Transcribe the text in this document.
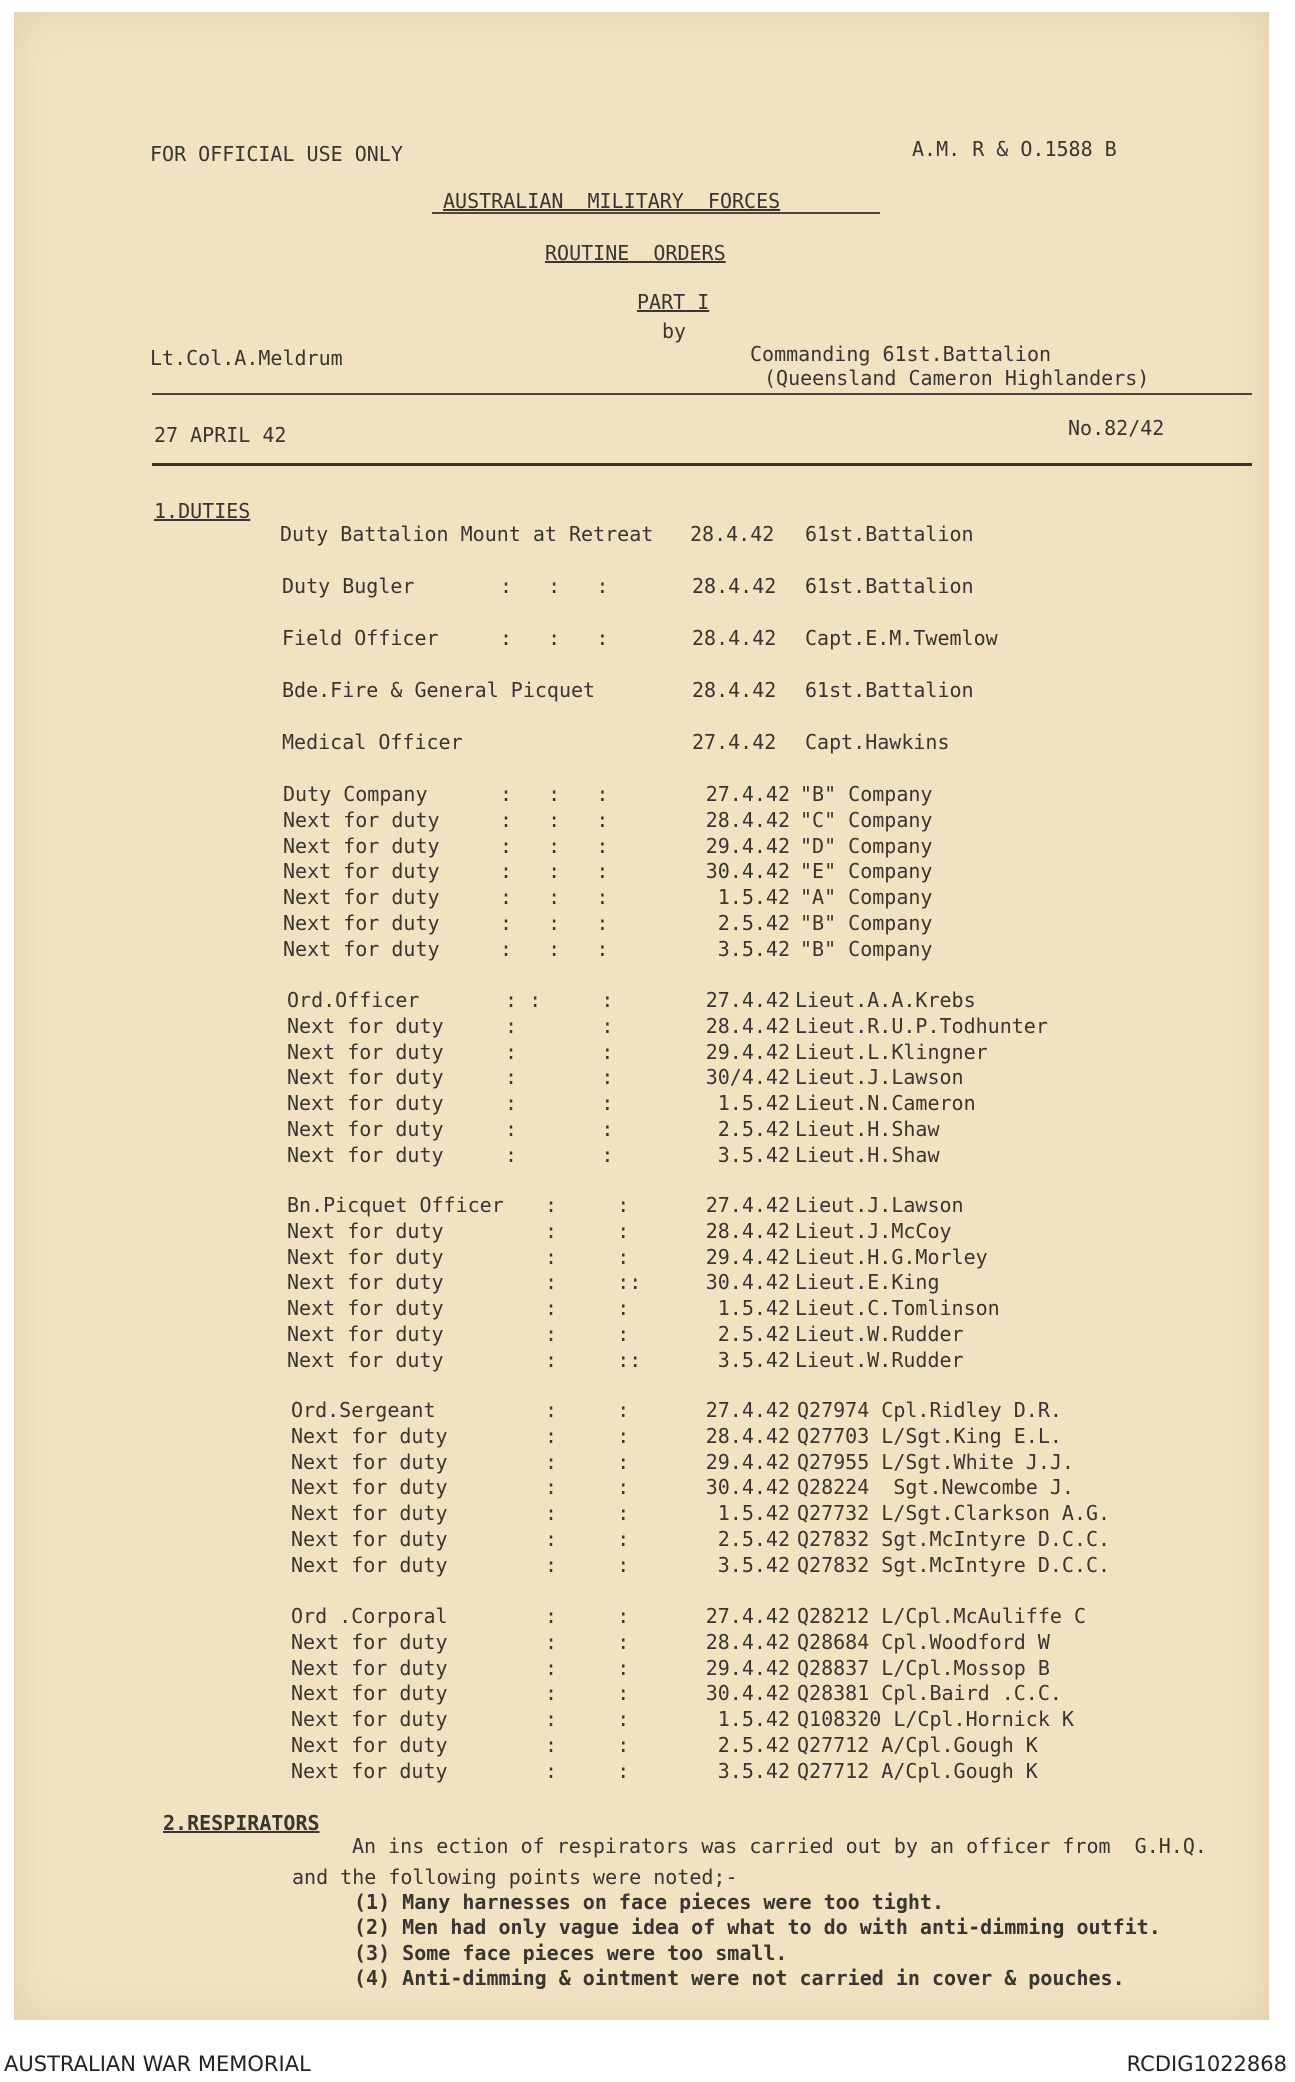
FOR OFFICIAL USE ONLY	A.M. R & O.1588 B
AUSTRALIAN  MILITARY  FORCES
ROUTINE  ORDERS
PART I
by
Lt.Col.A.Meldrum	Commanding 61st.Battalion
(Queensland Cameron Highlanders)
27 APRIL 42	No.82/42
1.DUTIES
Duty Battalion Mount at Retreat 28.4.42 61st.Battalion
Duty Bugler	:   :   :	28.4.42 61st.Battalion
Field Officer	:   :   :	28.4.42 Capt.E.M.Twemlow
Bde.Fire & General Picquet	28.4.42 61st.Battalion
Medical Officer	27.4.42 Capt.Hawkins
Duty Company	:   :   :	27.4.42 "B" Company
Next for duty	:   :   :	28.4.42 "C" Company
Next for duty	:   :   :	29.4.42 "D" Company
Next for duty	:   :   :	30.4.42 "E" Company
Next for duty	:   :   :	1.5.42 "A" Company
Next for duty	:   :   :	2.5.42 "B" Company
Next for duty	:   :   :	3.5.42 "B" Company
Ord.Officer	: :     :	27.4.42 Lieut.A.A.Krebs
Next for duty	:       :	28.4.42 Lieut.R.U.P.Todhunter
Next for duty	:       :	29.4.42 Lieut.L.Klingner
Next for duty	:       :	30/4.42 Lieut.J.Lawson
Next for duty	:       :	1.5.42 Lieut.N.Cameron
Next for duty	:       :	2.5.42 Lieut.H.Shaw
Next for duty	:       :	3.5.42 Lieut.H.Shaw
Bn.Picquet Officer :     :	27.4.42 Lieut.J.Lawson
Next for duty	:     :	28.4.42 Lieut.J.McCoy
Next for duty	:     :	29.4.42 Lieut.H.G.Morley
Next for duty	:     ::	30.4.42 Lieut.E.King
Next for duty	:     :	1.5.42 Lieut.C.Tomlinson
Next for duty	:     :	2.5.42 Lieut.W.Rudder
Next for duty	:     ::	3.5.42 Lieut.W.Rudder
Ord.Sergeant	:     :	27.4.42 Q27974 Cpl.Ridley D.R.
Next for duty	:     :	28.4.42 Q27703 L/Sgt.King E.L.
Next for duty	:     :	29.4.42 Q27955 L/Sgt.White J.J.
Next for duty	:     :	30.4.42 Q28224  Sgt.Newcombe J.
Next for duty	:     :	1.5.42 Q27732 L/Sgt.Clarkson A.G.
Next for duty	:     :	2.5.42 Q27832 Sgt.McIntyre D.C.C.
Next for duty	:     :	3.5.42 Q27832 Sgt.McIntyre D.C.C.
Ord .Corporal	:     :	27.4.42 Q28212 L/Cpl.McAuliffe C
Next for duty	:     :	28.4.42 Q28684 Cpl.Woodford W
Next for duty	:     :	29.4.42 Q28837 L/Cpl.Mossop B
Next for duty	:     :	30.4.42 Q28381 Cpl.Baird .C.C.
Next for duty	:     :	1.5.42 Q108320 L/Cpl.Hornick K
Next for duty	:     :	2.5.42 Q27712 A/Cpl.Gough K
Next for duty	:     :	3.5.42 Q27712 A/Cpl.Gough K
2.RESPIRATORS
An ins ection of respirators was carried out by an officer from  G.H.Q.
and the following points were noted;-
(1) Many harnesses on face pieces were too tight.
(2) Men had only vague idea of what to do with anti-dimming outfit.
(3) Some face pieces were too small.
(4) Anti-dimming & ointment were not carried in cover & pouches.
AUSTRALIAN WAR MEMORIAL	RCDIG1022868
